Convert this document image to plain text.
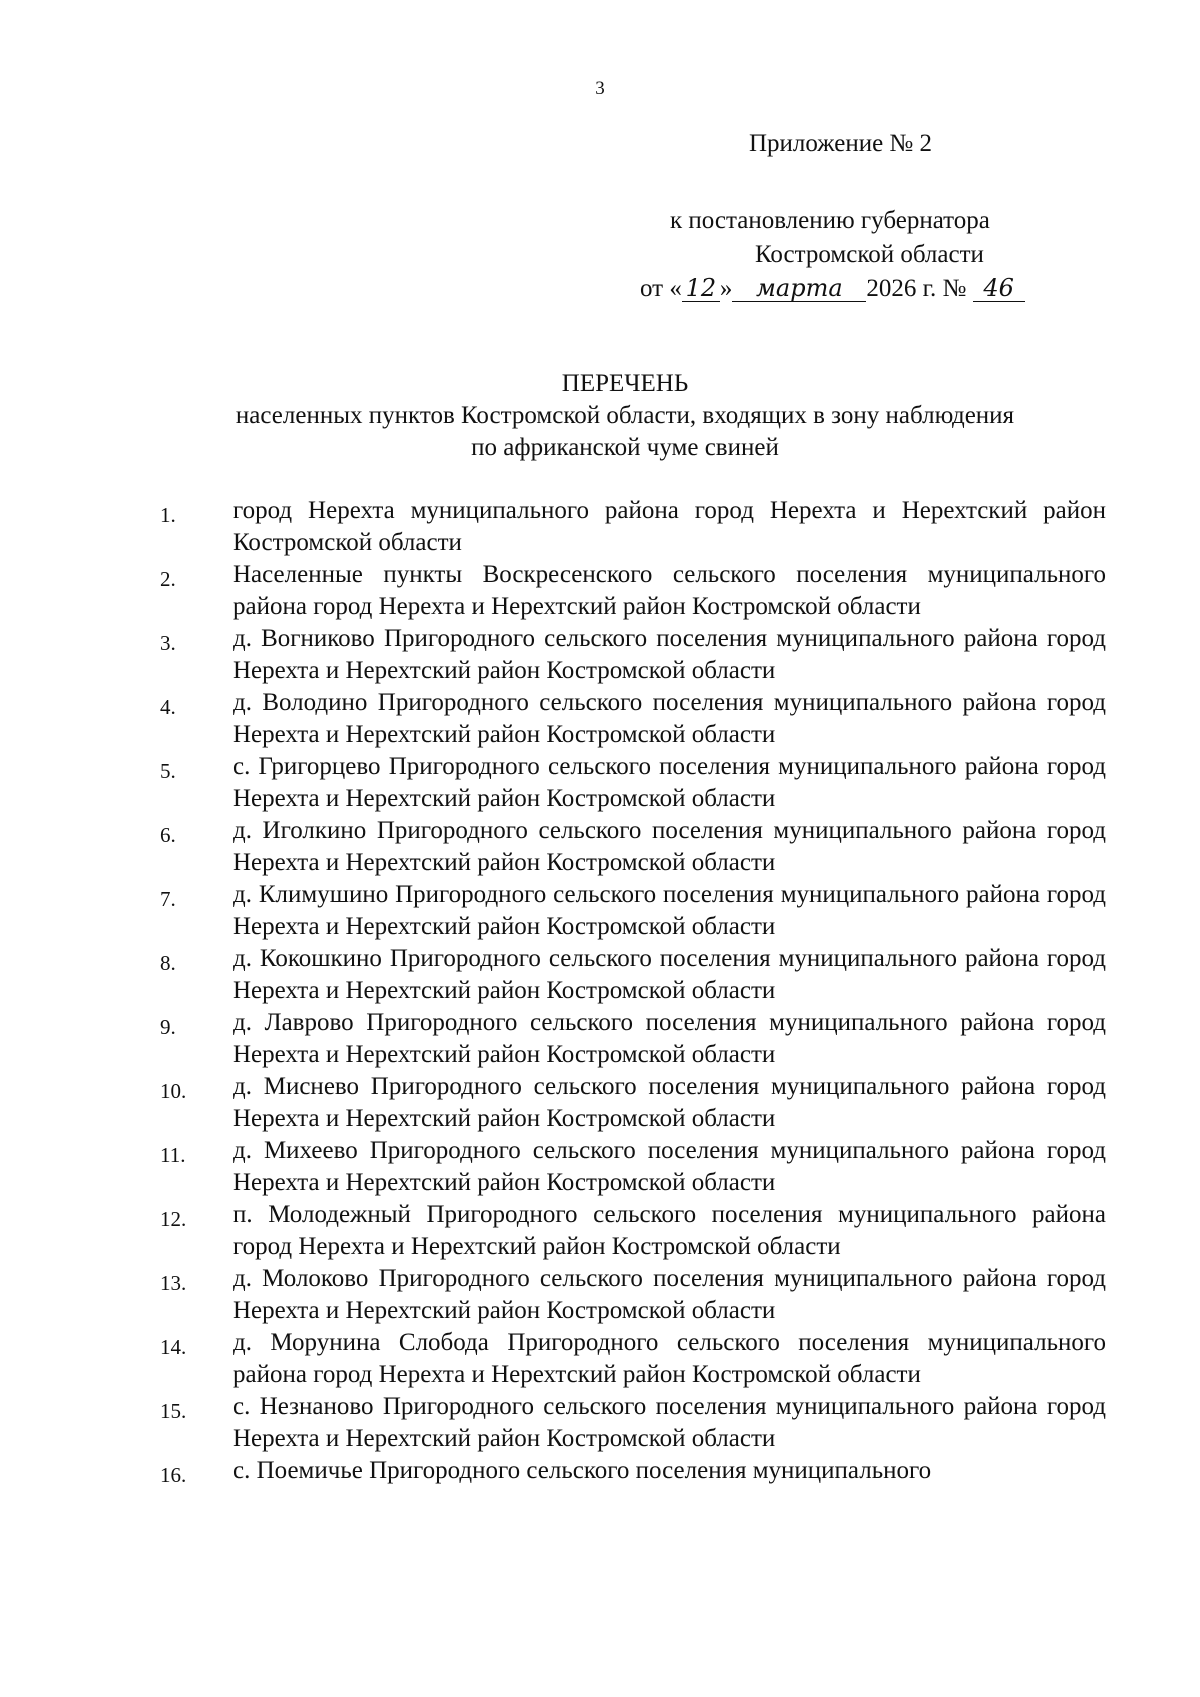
3
Приложение № 2
к постановлению губернатора
Костромской области
от « 12 » марта 2026 г. № 46
ПЕРЕЧЕНЬ
населенных пунктов Костромской области, входящих в зону наблюдения
по африканской чуме свиней
1. город Нерехта муниципального района город Нерехта и Нерехтский район Костромской области
2. Населенные пункты Воскресенского сельского поселения муниципального района город Нерехта и Нерехтский район Костромской области
3. д. Вогниково Пригородного сельского поселения муниципального района город Нерехта и Нерехтский район Костромской области
4. д. Володино Пригородного сельского поселения муниципального района город Нерехта и Нерехтский район Костромской области
5. с. Григорцево Пригородного сельского поселения муниципального района город Нерехта и Нерехтский район Костромской области
6. д. Иголкино Пригородного сельского поселения муниципального района город Нерехта и Нерехтский район Костромской области
7. д. Климушино Пригородного сельского поселения муниципального района город Нерехта и Нерехтский район Костромской области
8. д. Кокошкино Пригородного сельского поселения муниципального района город Нерехта и Нерехтский район Костромской области
9. д. Лаврово Пригородного сельского поселения муниципального района город Нерехта и Нерехтский район Костромской области
10. д. Миснево Пригородного сельского поселения муниципального района город Нерехта и Нерехтский район Костромской области
11. д. Михеево Пригородного сельского поселения муниципального района город Нерехта и Нерехтский район Костромской области
12. п. Молодежный Пригородного сельского поселения муниципального района город Нерехта и Нерехтский район Костромской области
13. д. Молоково Пригородного сельского поселения муниципального района город Нерехта и Нерехтский район Костромской области
14. д. Морунина Слобода Пригородного сельского поселения муниципального района город Нерехта и Нерехтский район Костромской области
15. с. Незнаново Пригородного сельского поселения муниципального района город Нерехта и Нерехтский район Костромской области
16. с. Поемичье Пригородного сельского поселения муниципального
